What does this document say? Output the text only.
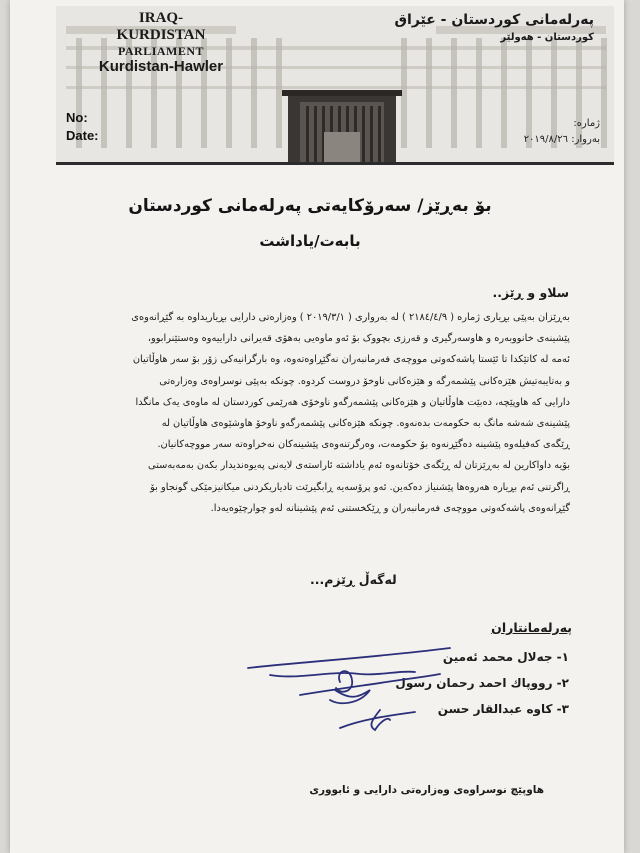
IRAQ- KURDISTAN
PARLIAMENT
Kurdistan-Hawler
پەرلەمانی کوردستان - عێراق
کوردستان - هەولێر
No:
Date:
ژمارە:
بەروار: ٢٠١٩/٨/٢٦
بۆ بەڕێز/ سەرۆکایەتی پەرلەمانی کوردستان
بابەت/یاداشت
سلاو و ڕێز..
بەڕێزان بەپێی بڕیاری ژمارە ( ٢١٨٤/٤/٩ ) لە بەرواری ( ٢٠١٩/٣/١ ) وەزارەتی دارایی بڕیاریداوە بە گێڕانەوەی
پێشینەی خانووبەرە و هاوسەرگیری و قەرزی بچووک بۆ ئەو ماوەیی بەهۆی قەیرانی داراییەوە وەستێنرابوو،
ئەمە لە کاتێکدا تا ئێستا پاشەکەوتی مووچەی فەرمانبەران نەگێڕاوەتەوە، وە بارگرانیەکی زۆر بۆ سەر هاوڵاتیان
و بەتایبەتیش هێزەکانی پێشمەرگە و هێزەکانی ناوخۆ دروست کردوە. چونکە بەپێی نوسراوەی وەزارەتی
دارایی کە هاوپێچە، دەبێت هاوڵاتیان و هێزەکانی پێشمەرگەو ناوخۆی هەرێمی کوردستان لە ماوەی یەک مانگدا
پێشینەی شەشە مانگ بە حکومەت بدەنەوە. چونکە هێزەکانی پێشمەرگەو ناوخۆ هاوشێوەی هاوڵاتیان لە
ڕێگەی کەفیلەوە پێشینە دەگێڕنەوە بۆ حکومەت، وەرگرتنەوەی پێشینەکان نەخراوەتە سەر مووچەکانیان.
بۆیە داواکارین لە بەڕێزتان لە ڕێگەی خۆتانەوە ئەم یاداشتە ئاراستەی لایەنی پەیوەندیدار بکەن بەمەبەستی
ڕاگرتنی ئەم بڕیارە هەروەها پێشنیاز دەکەین. ئەو پرۆسەیە ڕابگیرێت تادیاریکردنی میکانیزمێکی گونجاو بۆ
گێڕانەوەی پاشەکەوتی مووچەی فەرمانبەران و ڕێکخستنی ئەم پێشینانە لەو چوارچێوەیەدا.
لەگەڵ ڕێزم...
پەرلەمانتاران
١- جەلال محمد ئەمین
٢- رووپاك احمد رحمان رسول
٣- كاوە عبدالقار حسن
هاوپێچ نوسراوەی وەزارەتی دارایی و ئابووری
